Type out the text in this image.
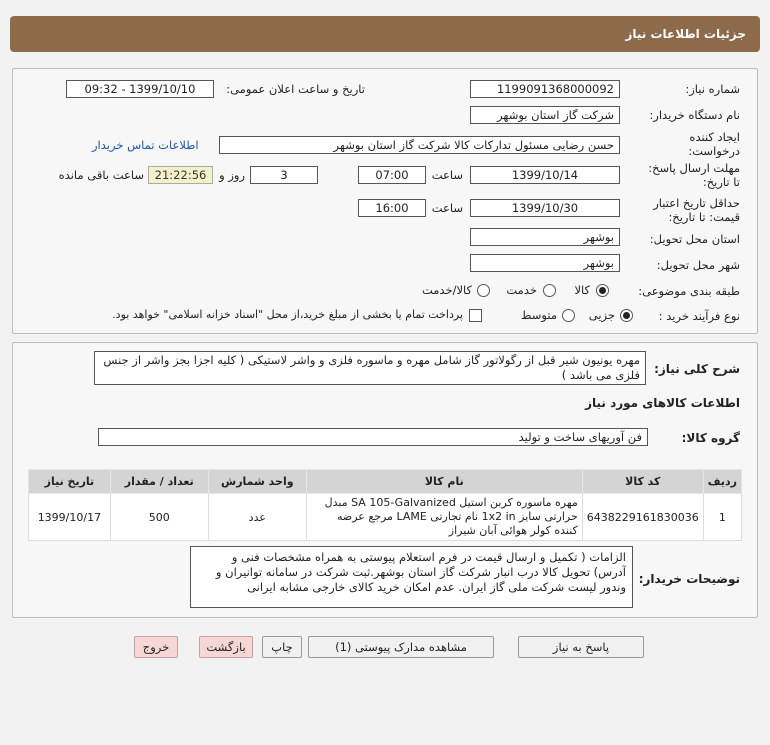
جزئیات اطلاعات نیاز
شماره نیاز:
1199091368000092
تاریخ و ساعت اعلان عمومی:
1399/10/10 - 09:32
نام دستگاه خریدار:
شرکت گاز استان بوشهر
ایجاد کننده
درخواست:
حسن رضایی مسئول تدارکات کالا شرکت گاز استان بوشهر
اطلاعات تماس خریدار
مهلت ارسال پاسخ:
تا تاریخ:
1399/10/14
ساعت
07:00
3
روز و
21:22:56
ساعت باقی مانده
حداقل تاریخ اعتبار
قیمت: تا تاریخ:
1399/10/30
ساعت
16:00
استان محل تحویل:
بوشهر
شهر محل تحویل:
بوشهر
طبقه بندی موضوعی:
کالا
خدمت
کالا/خدمت
نوع فرآیند خرید :
جزیی
متوسط
پرداخت تمام یا بخشی از مبلغ خرید،از محل "اسناد خزانه اسلامی" خواهد بود.
شرح کلی نیاز:
مهره یونیون شیر قبل از رگولاتور گاز شامل مهره و ماسوره فلزی و واشر لاستیکی ( کلیه اجزا بجز واشر از جنس فلزی می باشد )
اطلاعات کالاهای مورد نیاز
گروه کالا:
فن آوریهای ساخت و تولید
ردیف	کد کالا	نام کالا	واحد شمارش	تعداد / مقدار	تاریخ نیاز
1	6438229161830036	مهره ماسوره کربن استیل SA 105-Galvanized مبدل حرارتی سایز 1x2 in نام تجارتی LAME مرجع عرضه کننده کولر هوائی آبان شیراز	عدد	500	1399/10/17
توضیحات خریدار:
الزامات ( تکمیل و ارسال قیمت در فرم استعلام پیوستی به همراه مشخصات فنی و آدرس) تحویل کالا درب انبار شرکت گاز استان بوشهر.ثبت شرکت در سامانه توانیران و وندور لیست شرکت ملی گاز ایران. عدم امکان خرید کالای خارجی مشابه ایرانی
پاسخ به نیاز
مشاهده مدارک پیوستی (1)
چاپ
بازگشت
خروج
